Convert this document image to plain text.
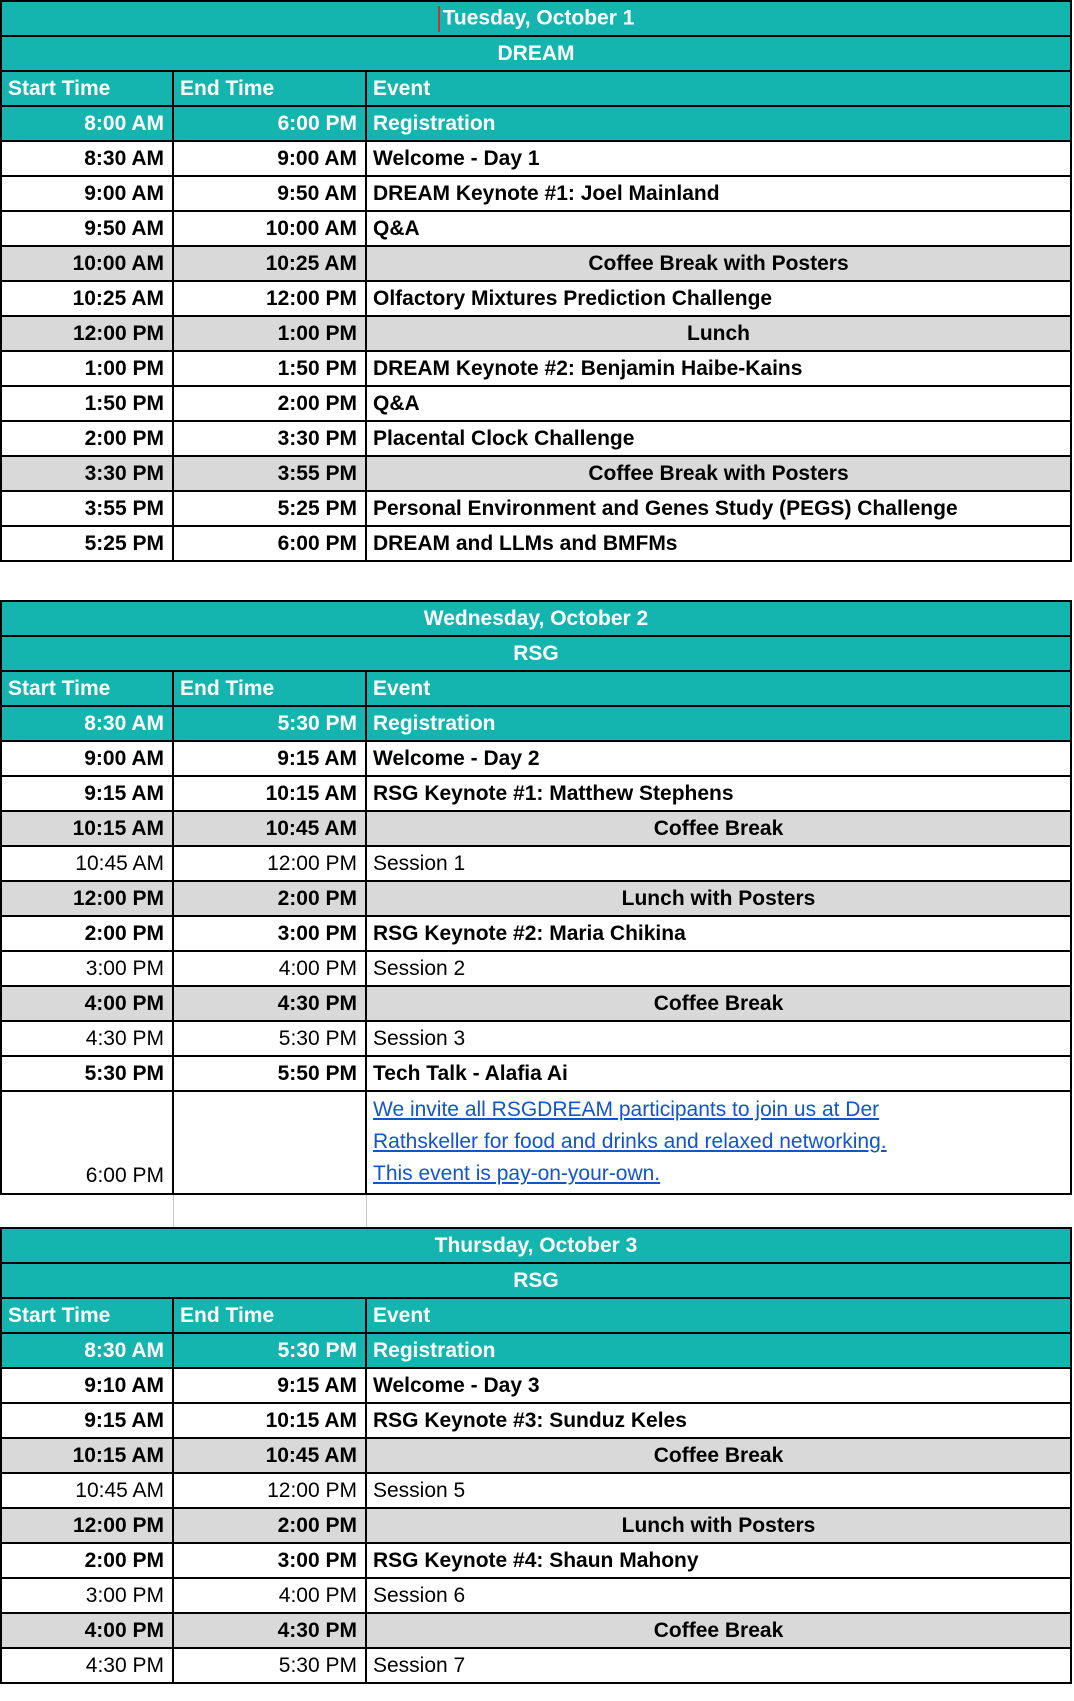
Tuesday, October 1		
DREAM		
Start Time	End Time	Event
8:00 AM	6:00 PM	Registration
8:30 AM	9:00 AM	Welcome - Day 1
9:00 AM	9:50 AM	DREAM Keynote #1: Joel Mainland
9:50 AM	10:00 AM	Q&A
10:00 AM	10:25 AM	Coffee Break with Posters
10:25 AM	12:00 PM	Olfactory Mixtures Prediction Challenge
12:00 PM	1:00 PM	Lunch
1:00 PM	1:50 PM	DREAM Keynote #2: Benjamin Haibe-Kains
1:50 PM	2:00 PM	Q&A
2:00 PM	3:30 PM	Placental Clock Challenge
3:30 PM	3:55 PM	Coffee Break with Posters
3:55 PM	5:25 PM	Personal Environment and Genes Study (PEGS) Challenge
5:25 PM	6:00 PM	DREAM and LLMs and BMFMs
Wednesday, October 2		
RSG		
Start Time	End Time	Event
8:30 AM	5:30 PM	Registration
9:00 AM	9:15 AM	Welcome - Day 2
9:15 AM	10:15 AM	RSG Keynote #1: Matthew Stephens
10:15 AM	10:45 AM	Coffee Break
10:45 AM	12:00 PM	Session 1
12:00 PM	2:00 PM	Lunch with Posters
2:00 PM	3:00 PM	RSG Keynote #2: Maria Chikina
3:00 PM	4:00 PM	Session 2
4:00 PM	4:30 PM	Coffee Break
4:30 PM	5:30 PM	Session 3
5:30 PM	5:50 PM	Tech Talk - Alafia Ai
6:00 PM		We invite all RSGDREAM participants to join us at Der
Rathskeller for food and drinks and relaxed networking.
This event is pay-on-your-own.

Thursday, October 3		
RSG		
Start Time	End Time	Event
8:30 AM	5:30 PM	Registration
9:10 AM	9:15 AM	Welcome - Day 3
9:15 AM	10:15 AM	RSG Keynote #3: Sunduz Keles
10:15 AM	10:45 AM	Coffee Break
10:45 AM	12:00 PM	Session 5
12:00 PM	2:00 PM	Lunch with Posters
2:00 PM	3:00 PM	RSG Keynote #4: Shaun Mahony
3:00 PM	4:00 PM	Session 6
4:00 PM	4:30 PM	Coffee Break
4:30 PM	5:30 PM	Session 7
